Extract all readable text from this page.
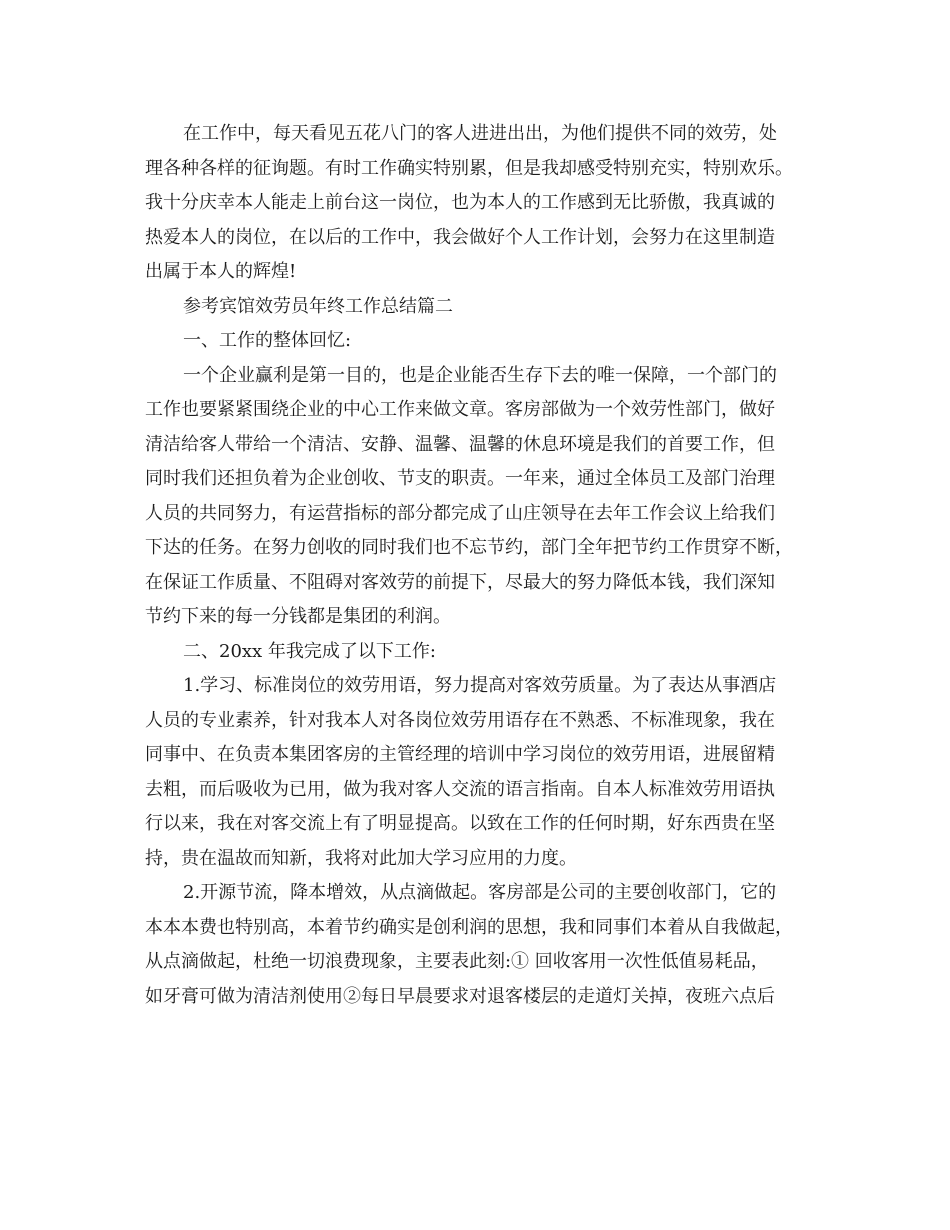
在工作中，每天看见五花八门的客人进进出出，为他们提供不同的效劳，处
理各种各样的征询题。有时工作确实特别累，但是我却感受特别充实，特别欢乐。
我十分庆幸本人能走上前台这一岗位，也为本人的工作感到无比骄傲，我真诚的
热爱本人的岗位，在以后的工作中，我会做好个人工作计划，会努力在这里制造
出属于本人的辉煌!
参考宾馆效劳员年终工作总结篇二
一、工作的整体回忆:
一个企业赢利是第一目的，也是企业能否生存下去的唯一保障，一个部门的
工作也要紧紧围绕企业的中心工作来做文章。客房部做为一个效劳性部门，做好
清洁给客人带给一个清洁、安静、温馨、温馨的休息环境是我们的首要工作，但
同时我们还担负着为企业创收、节支的职责。一年来，通过全体员工及部门治理
人员的共同努力，有运营指标的部分都完成了山庄领导在去年工作会议上给我们
下达的任务。在努力创收的同时我们也不忘节约，部门全年把节约工作贯穿不断，
在保证工作质量、不阻碍对客效劳的前提下，尽最大的努力降低本钱，我们深知
节约下来的每一分钱都是集团的利润。
二、20xx 年我完成了以下工作:
1.学习、标准岗位的效劳用语，努力提高对客效劳质量。为了表达从事酒店
人员的专业素养，针对我本人对各岗位效劳用语存在不熟悉、不标准现象，我在
同事中、在负责本集团客房的主管经理的培训中学习岗位的效劳用语，进展留精
去粗，而后吸收为已用，做为我对客人交流的语言指南。自本人标准效劳用语执
行以来，我在对客交流上有了明显提高。以致在工作的任何时期，好东西贵在坚
持，贵在温故而知新，我将对此加大学习应用的力度。
2.开源节流，降本增效，从点滴做起。客房部是公司的主要创收部门，它的
本本本费也特别高，本着节约确实是创利润的思想，我和同事们本着从自我做起，
从点滴做起，杜绝一切浪费现象，主要表此刻:① 回收客用一次性低值易耗品，
如牙膏可做为清洁剂使用②每日早晨要求对退客楼层的走道灯关掉，夜班六点后
